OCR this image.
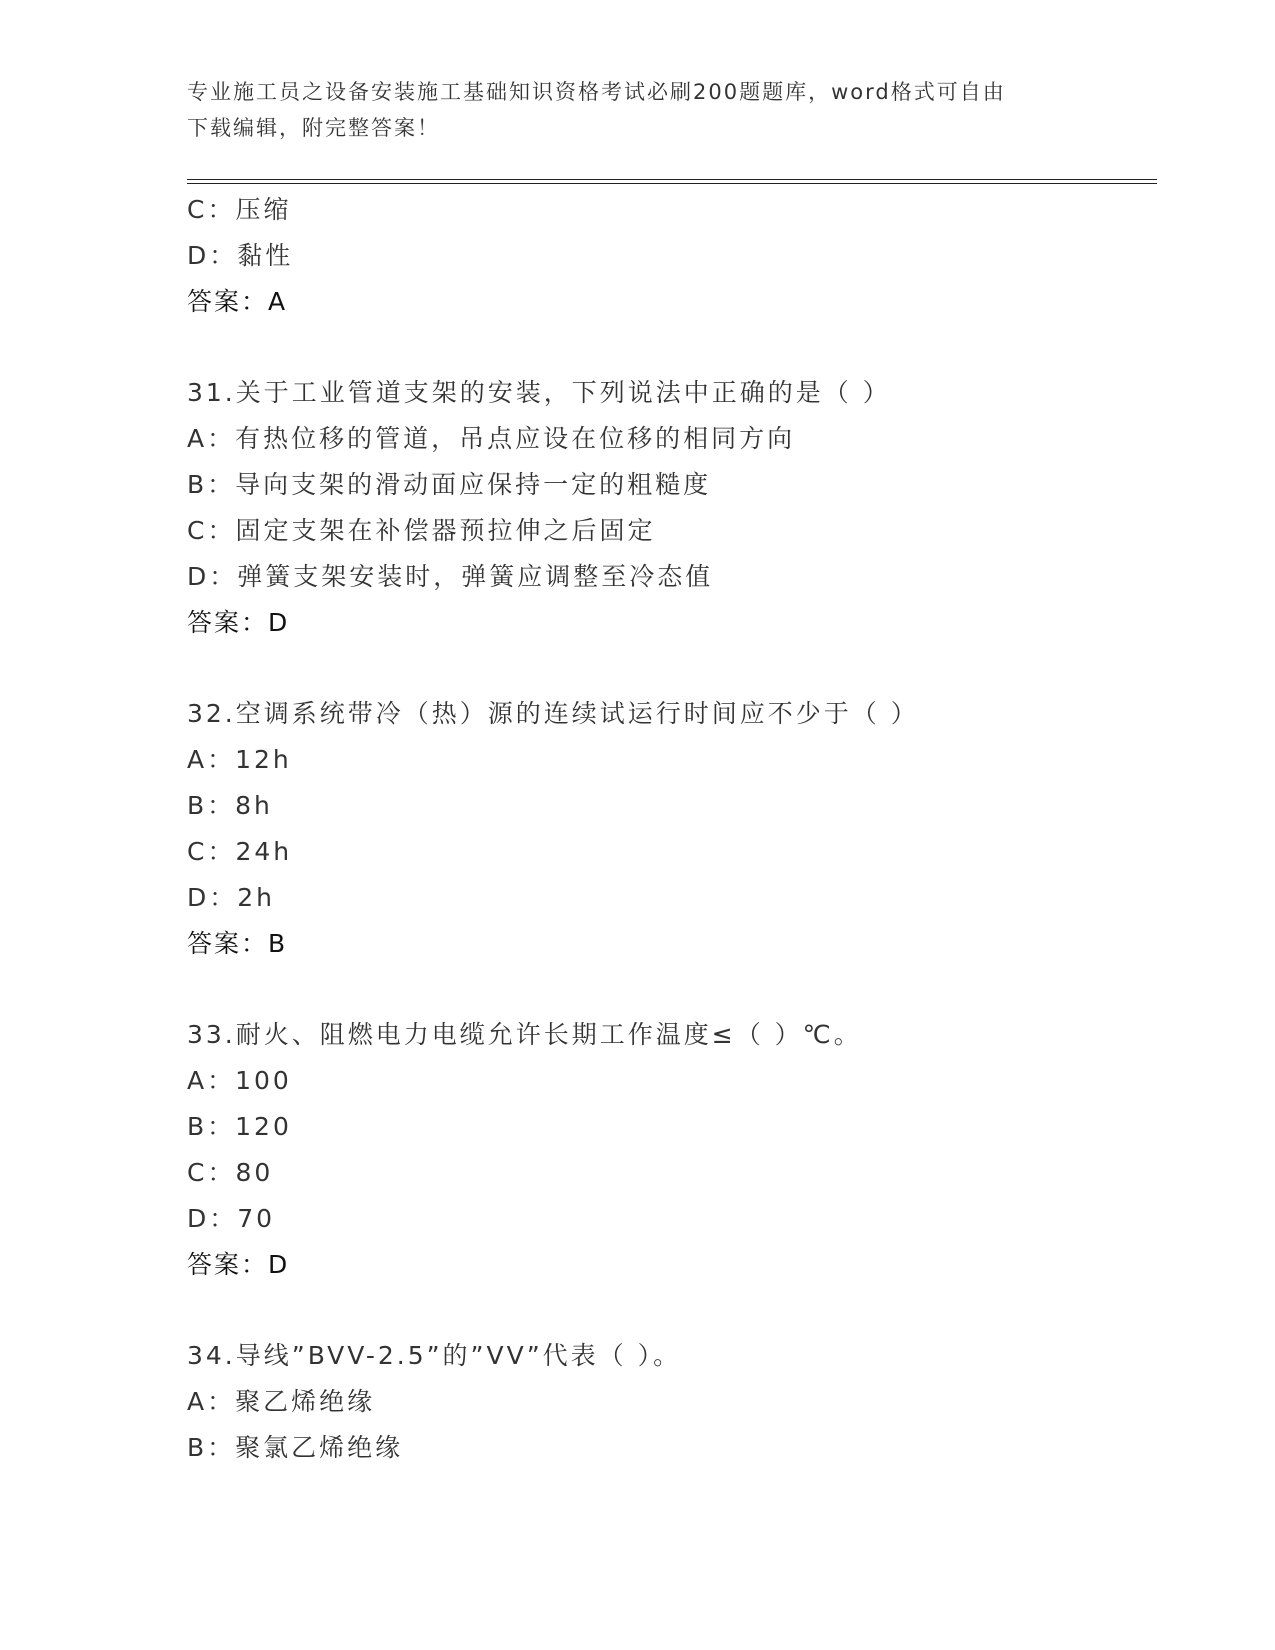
专业施工员之设备安装施工基础知识资格考试必刷200题题库，word格式可自由
下载编辑，附完整答案！
C：压缩
D：黏性
答案：A
31.关于工业管道支架的安装，下列说法中正确的是（ ）
A：有热位移的管道，吊点应设在位移的相同方向
B：导向支架的滑动面应保持一定的粗糙度
C：固定支架在补偿器预拉伸之后固定
D：弹簧支架安装时，弹簧应调整至冷态值
答案：D
32.空调系统带冷（热）源的连续试运行时间应不少于（ ）
A：12h
B：8h
C：24h
D：2h
答案：B
33.耐火、阻燃电力电缆允许长期工作温度≤（ ）℃。
A：100
B：120
C：80
D：70
答案：D
34.导线”BVV-2.5”的”VV”代表（ ）。
A：聚乙烯绝缘
B：聚氯乙烯绝缘
